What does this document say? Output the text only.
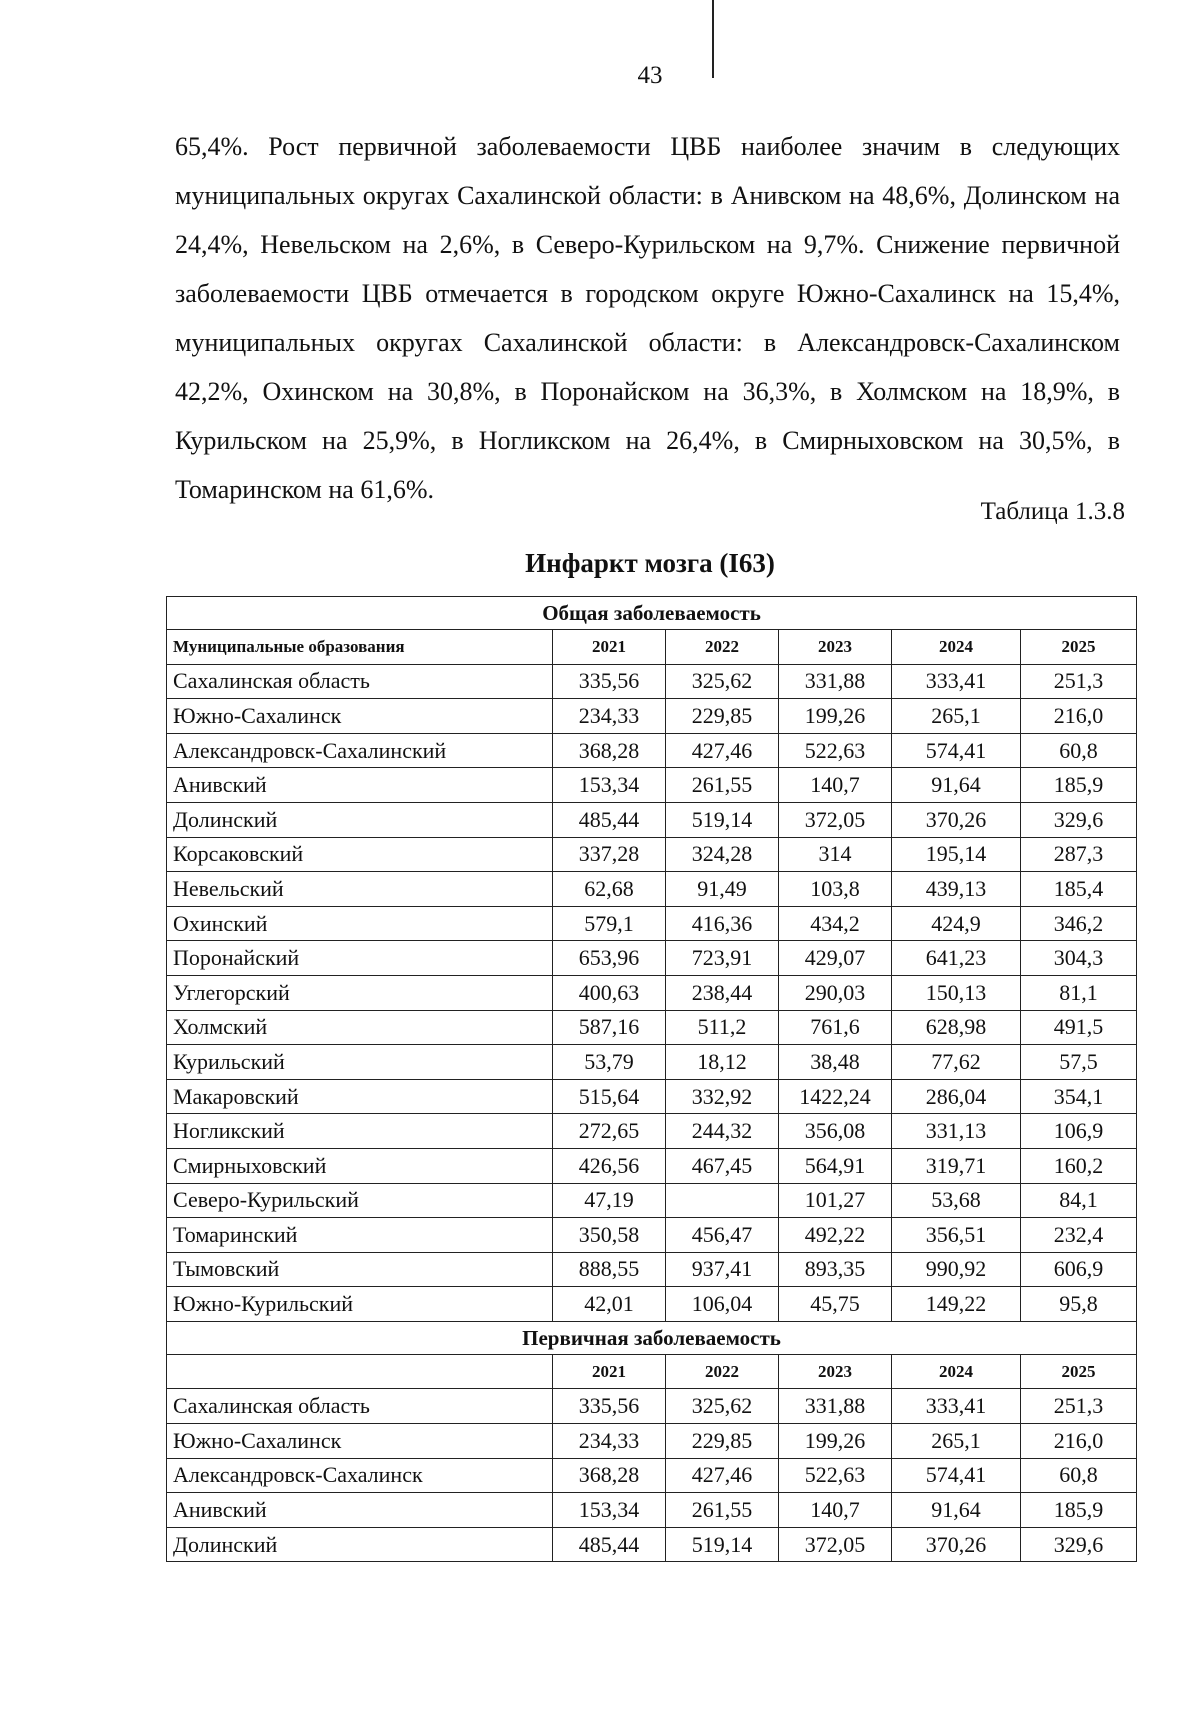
43

65,4%. Рост первичной заболеваемости ЦВБ наиболее значим в следующих муниципальных округах Сахалинской области: в Анивском на 48,6%, Долинском на 24,4%, Невельском на 2,6%, в Северо-Курильском на 9,7%. Снижение первичной заболеваемости ЦВБ отмечается в городском округе Южно-Сахалинск на 15,4%, муниципальных округах Сахалинской области: в Александровск-Сахалинском 42,2%, Охинском на 30,8%, в Поронайском на 36,3%, в Холмском на 18,9%, в Курильском на 25,9%, в Ногликском на 26,4%, в Смирныховском на 30,5%, в Томаринском на 61,6%.

Таблица 1.3.8
Инфаркт мозга (I63)
Общая заболеваемость					
Муниципальные образования	2021	2022	2023	2024	2025
Сахалинская область	335,56	325,62	331,88	333,41	251,3
Южно-Сахалинск	234,33	229,85	199,26	265,1	216,0
Александровск-Сахалинский	368,28	427,46	522,63	574,41	60,8
Анивский	153,34	261,55	140,7	91,64	185,9
Долинский	485,44	519,14	372,05	370,26	329,6
Корсаковский	337,28	324,28	314	195,14	287,3
Невельский	62,68	91,49	103,8	439,13	185,4
Охинский	579,1	416,36	434,2	424,9	346,2
Поронайский	653,96	723,91	429,07	641,23	304,3
Углегорский	400,63	238,44	290,03	150,13	81,1
Холмский	587,16	511,2	761,6	628,98	491,5
Курильский	53,79	18,12	38,48	77,62	57,5
Макаровский	515,64	332,92	1422,24	286,04	354,1
Ногликский	272,65	244,32	356,08	331,13	106,9
Смирныховский	426,56	467,45	564,91	319,71	160,2
Северо-Курильский	47,19		101,27	53,68	84,1
Томаринский	350,58	456,47	492,22	356,51	232,4
Тымовский	888,55	937,41	893,35	990,92	606,9
Южно-Курильский	42,01	106,04	45,75	149,22	95,8
Первичная заболеваемость					
	2021	2022	2023	2024	2025
Сахалинская область	335,56	325,62	331,88	333,41	251,3
Южно-Сахалинск	234,33	229,85	199,26	265,1	216,0
Александровск-Сахалинск	368,28	427,46	522,63	574,41	60,8
Анивский	153,34	261,55	140,7	91,64	185,9
Долинский	485,44	519,14	372,05	370,26	329,6
